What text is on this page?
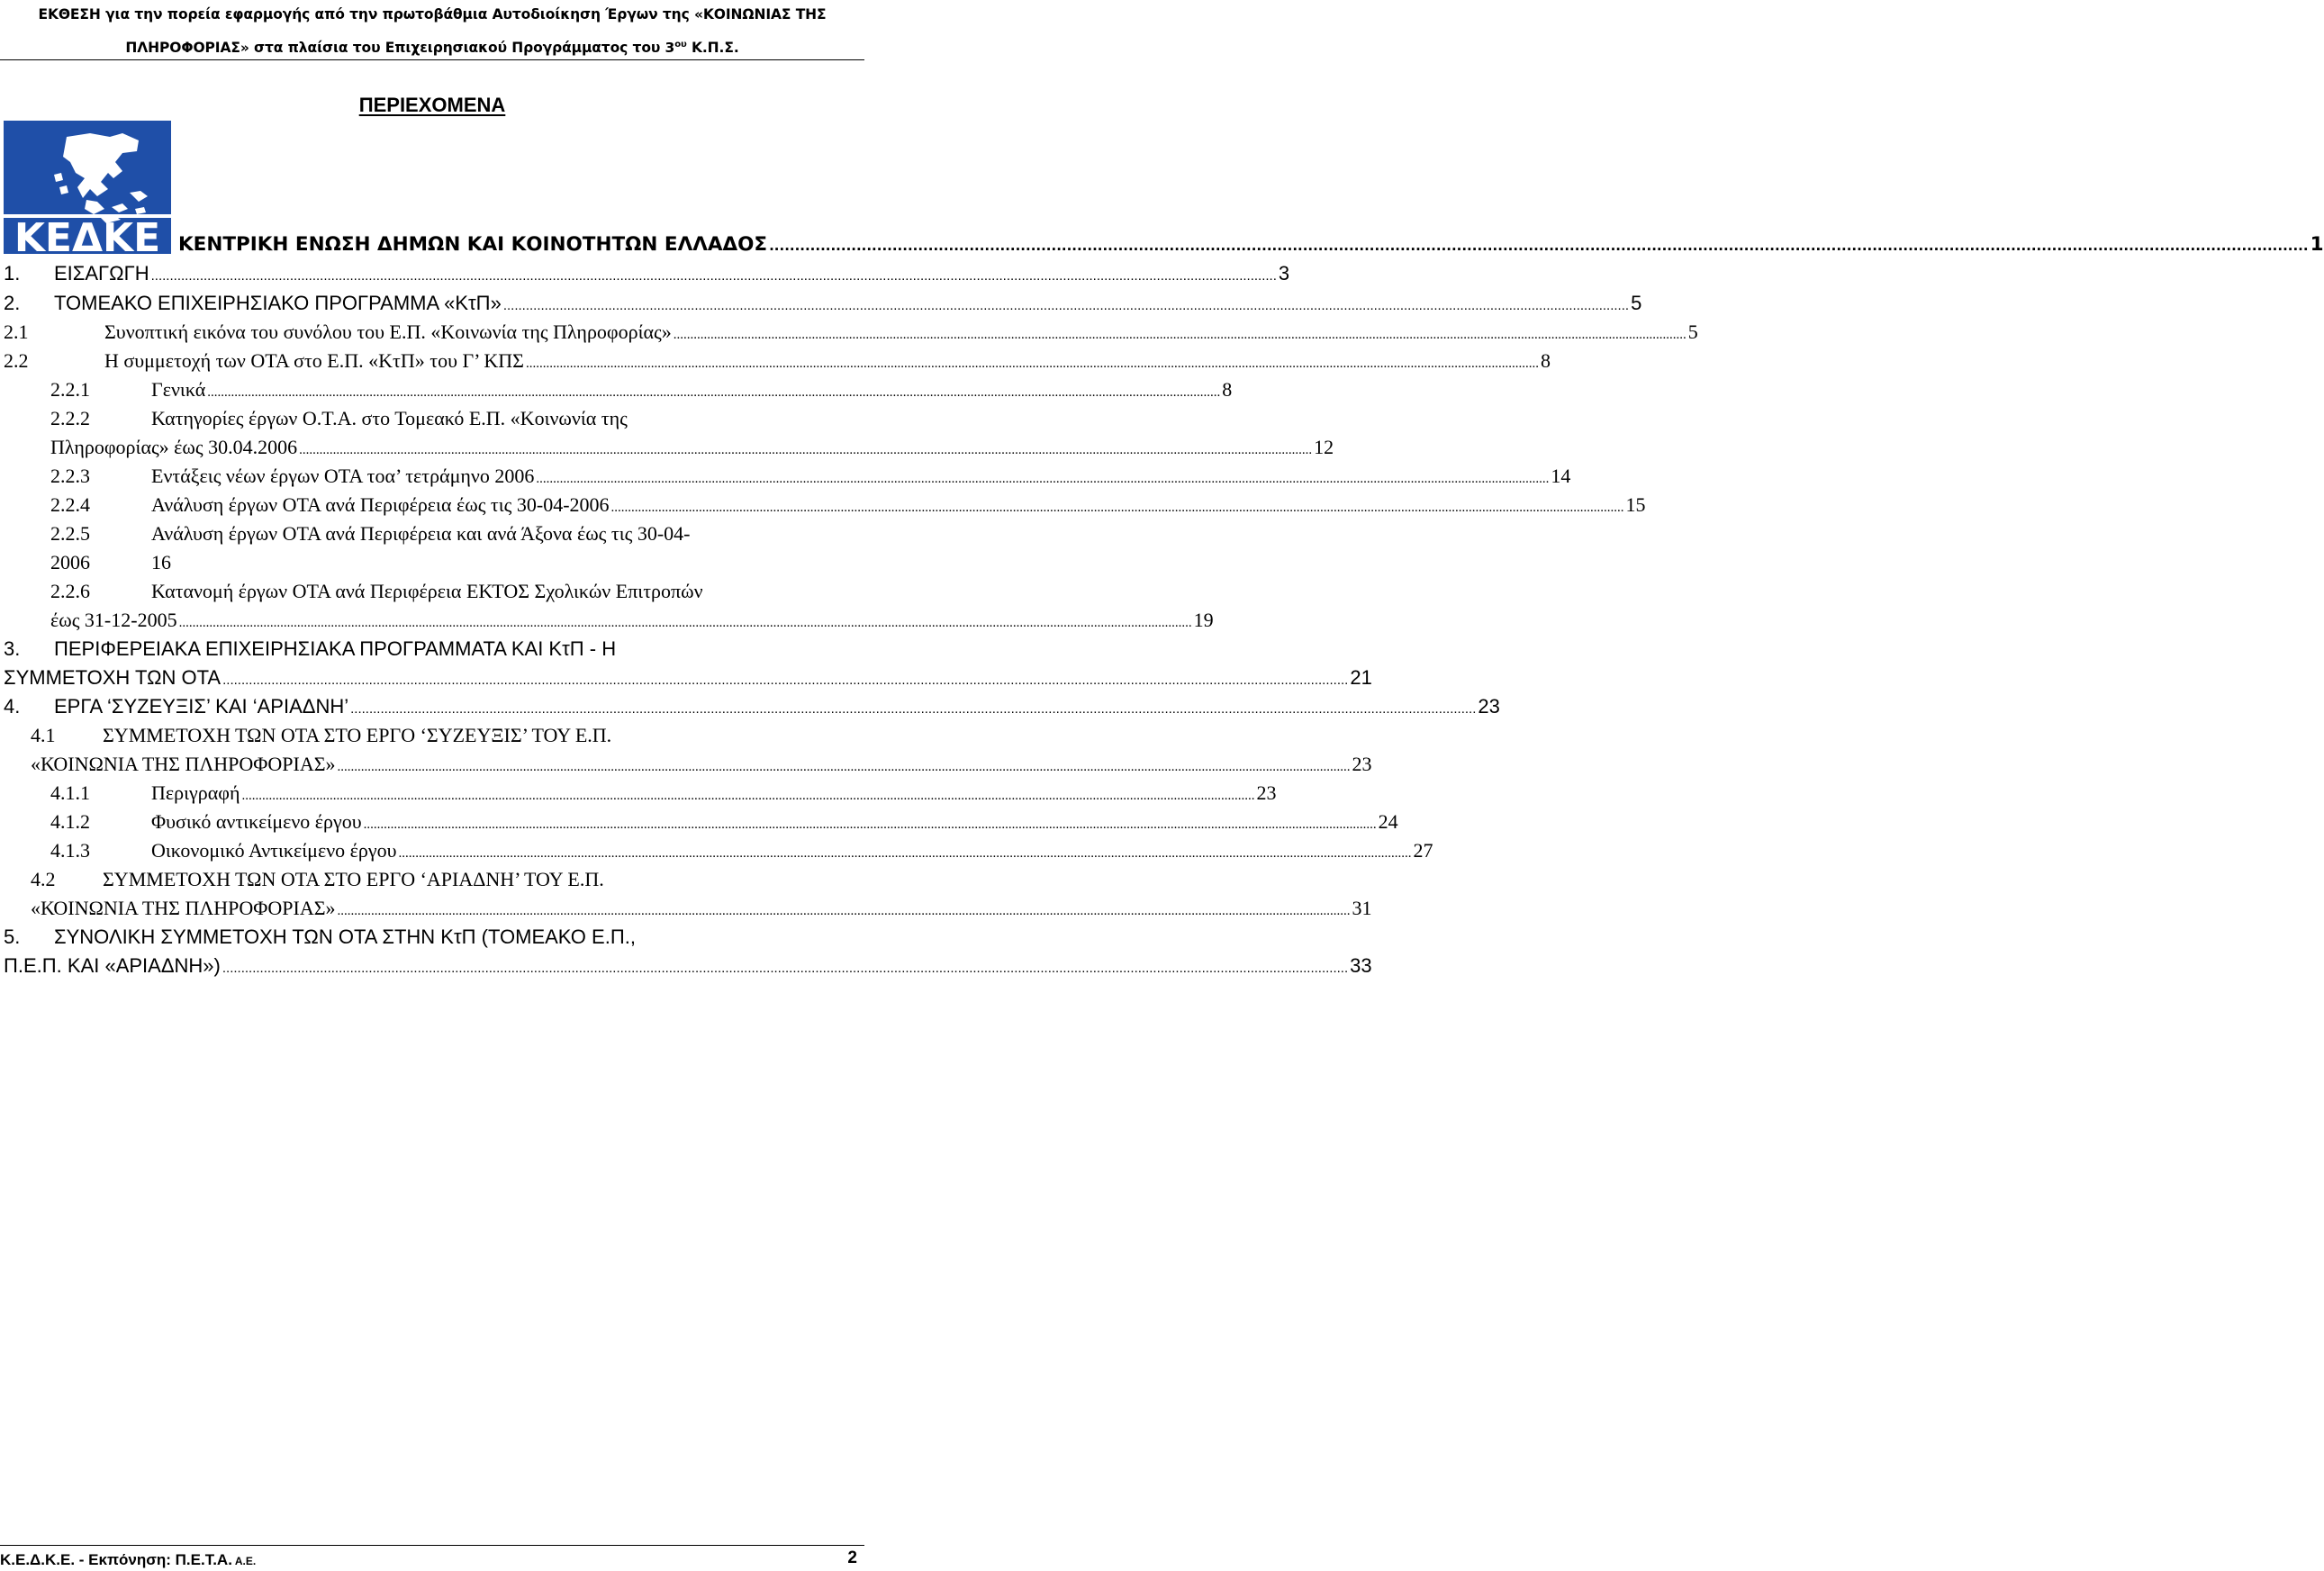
ΕΚΘΕΣΗ για την πορεία εφαρμογής από την πρωτοβάθμια Αυτοδιοίκηση Έργων της «ΚΟΙΝΩΝΙΑΣ ΤΗΣ
ΠΛΗΡΟΦΟΡΙΑΣ» στα πλαίσια του Επιχειρησιακού Προγράμματος του $3^{o\upsilon}$ Κ.Π.Σ.
ΠΕΡΙΕΧΟΜΕΝΑ
ΚΕΔΚΕ ΚΕΝΤΡΙΚΗ ΕΝΩΣΗ ΔΗΜΩΝ ΚΑΙ ΚΟΙΝΟΤΗΤΩΝ ΕΛΛΑΔΟΣ ............................................................................................................................................................................................................................................................................................................ 1
1.	ΕΙΣΑΓΩΓΗ ............................................................................................................................................................................................................................................................................................................ 3
2.	ΤΟΜΕΑΚΟ ΕΠΙΧΕΙΡΗΣΙΑΚΟ ΠΡΟΓΡΑΜΜΑ «ΚτΠ» ............................................................................................................................................................................................................................................................................................................ 5
2.1	Συνοπτική εικόνα του συνόλου του Ε.Π. «Κοινωνία της Πληροφορίας» ............................................................................................................................................................................................................................................................................................................ 5
2.2	Η συμμετοχή των ΟΤΑ στο Ε.Π. «ΚτΠ» του Γ’ ΚΠΣ ............................................................................................................................................................................................................................................................................................................ 8
2.2.1	Γενικά ............................................................................................................................................................................................................................................................................................................ 8
2.2.2	Κατηγορίες έργων Ο.Τ.Α. στο Τομεακό Ε.Π. «Κοινωνία της
Πληροφορίας» έως 30.04.2006 ............................................................................................................................................................................................................................................................................................................ 12
2.2.3	Εντάξεις νέων έργων ΟΤΑ τοα’ τετράμηνο 2006 ............................................................................................................................................................................................................................................................................................................ 14
2.2.4	Ανάλυση έργων ΟΤΑ ανά Περιφέρεια έως τις 30-04-2006 ............................................................................................................................................................................................................................................................................................................ 15
2.2.5	Ανάλυση έργων ΟΤΑ ανά Περιφέρεια και ανά Άξονα έως τις 30-04-
2006	16
2.2.6	Κατανομή έργων ΟΤΑ ανά Περιφέρεια ΕΚΤΟΣ Σχολικών Επιτροπών
έως 31-12-2005 ............................................................................................................................................................................................................................................................................................................ 19
3. ΠΕΡΙΦΕΡΕΙΑΚΑ ΕΠΙΧΕΙΡΗΣΙΑΚΑ ΠΡΟΓΡΑΜΜΑΤΑ ΚΑΙ ΚτΠ - Η
ΣΥΜΜΕΤΟΧΗ ΤΩΝ ΟΤΑ ............................................................................................................................................................................................................................................................................................................ 21
4.	ΕΡΓΑ ‘ΣΥΖΕΥΞΙΣ’ ΚΑΙ ‘ΑΡΙΑΔΝΗ’ ............................................................................................................................................................................................................................................................................................................ 23
4.1 ΣΥΜΜΕΤΟΧΗ ΤΩΝ ΟΤΑ ΣΤΟ ΕΡΓΟ ‘ΣΥΖΕΥΞΙΣ’ ΤΟΥ Ε.Π.
«ΚΟΙΝΩΝΙΑ ΤΗΣ ΠΛΗΡΟΦΟΡΙΑΣ» ............................................................................................................................................................................................................................................................................................................ 23
4.1.1	Περιγραφή ............................................................................................................................................................................................................................................................................................................ 23
4.1.2	Φυσικό αντικείμενο έργου ............................................................................................................................................................................................................................................................................................................ 24
4.1.3	Οικονομικό Αντικείμενο έργου ............................................................................................................................................................................................................................................................................................................ 27
4.2 ΣΥΜΜΕΤΟΧΗ ΤΩΝ ΟΤΑ ΣΤΟ ΕΡΓΟ ‘ΑΡΙΑΔΝΗ’ ΤΟΥ Ε.Π.
«ΚΟΙΝΩΝΙΑ ΤΗΣ ΠΛΗΡΟΦΟΡΙΑΣ» ............................................................................................................................................................................................................................................................................................................ 31
5. ΣΥΝΟΛΙΚΗ ΣΥΜΜΕΤΟΧΗ ΤΩΝ ΟΤΑ ΣΤΗΝ ΚτΠ (ΤΟΜΕΑΚΟ Ε.Π.,
Π.Ε.Π. ΚΑΙ «ΑΡΙΑΔΝΗ») ............................................................................................................................................................................................................................................................................................................ 33
Κ.Ε.Δ.Κ.Ε. - Εκπόνηση: Π.Ε.Τ.Α. Α.Ε.	2
